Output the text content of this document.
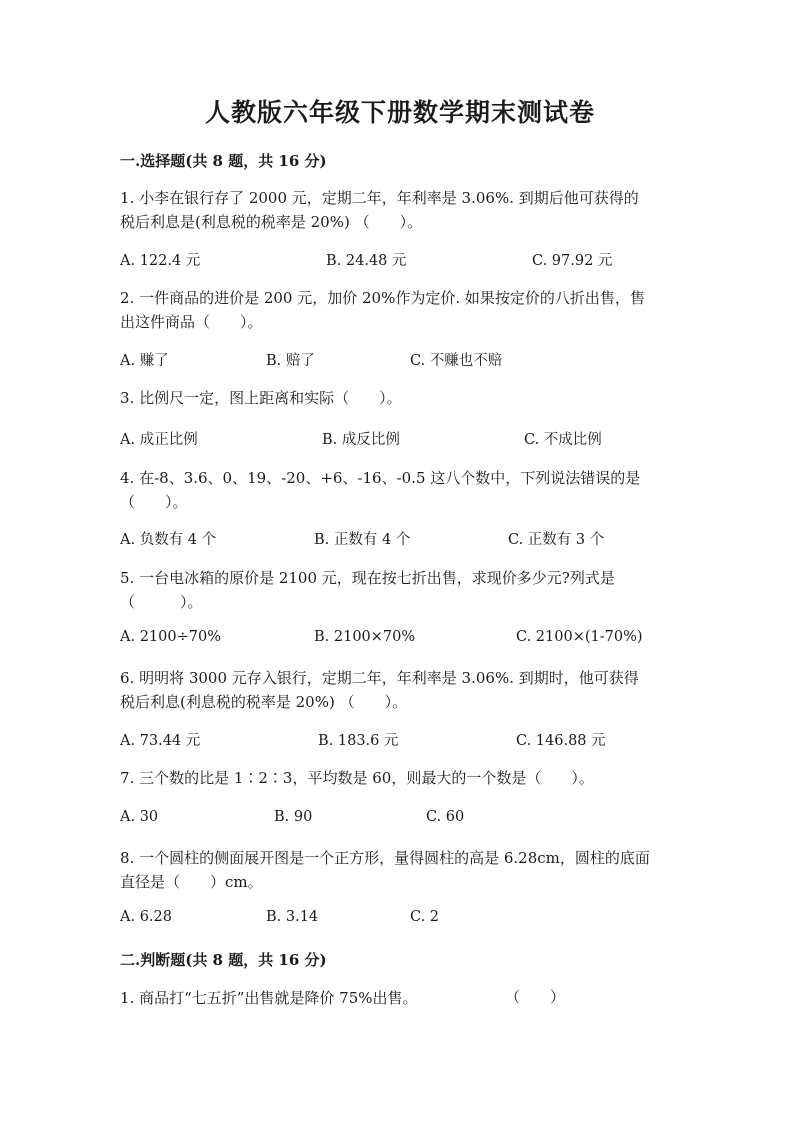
人教版六年级下册数学期末测试卷
一.选择题(共 8 题，共 16 分)
1. 小李在银行存了 2000 元，定期二年，年利率是 3.06%. 到期后他可获得的
税后利息是(利息税的税率是 20%) （　　）。
A. 122.4 元	B. 24.48 元	C. 97.92 元
2. 一件商品的进价是 200 元，加价 20%作为定价. 如果按定价的八折出售，售
出这件商品（　　）。
A. 赚了	B. 赔了	C. 不赚也不赔
3. 比例尺一定，图上距离和实际（　　）。
A. 成正比例	B. 成反比例	C. 不成比例
4. 在-8、3.6、0、19、-20、+6、-16、-0.5 这八个数中，下列说法错误的是
（　　）。
A. 负数有 4 个	B. 正数有 4 个	C. 正数有 3 个
5. 一台电冰箱的原价是 2100 元，现在按七折出售，求现价多少元?列式是
（　　　）。
A. 2100÷70%	B. 2100×70%	C. 2100×(1-70%)
6. 明明将 3000 元存入银行，定期二年，年利率是 3.06%. 到期时，他可获得
税后利息(利息税的税率是 20%) （　　）。
A. 73.44 元	B. 183.6 元	C. 146.88 元
7. 三个数的比是 1∶2∶3，平均数是 60，则最大的一个数是（　　）。
A. 30	B. 90	C. 60
8. 一个圆柱的侧面展开图是一个正方形，量得圆柱的高是 6.28cm，圆柱的底面
直径是（　　）cm。
A. 6.28	B. 3.14	C. 2
二.判断题(共 8 题，共 16 分)
1. 商品打“七五折”出售就是降价 75%出售。	（　　）
